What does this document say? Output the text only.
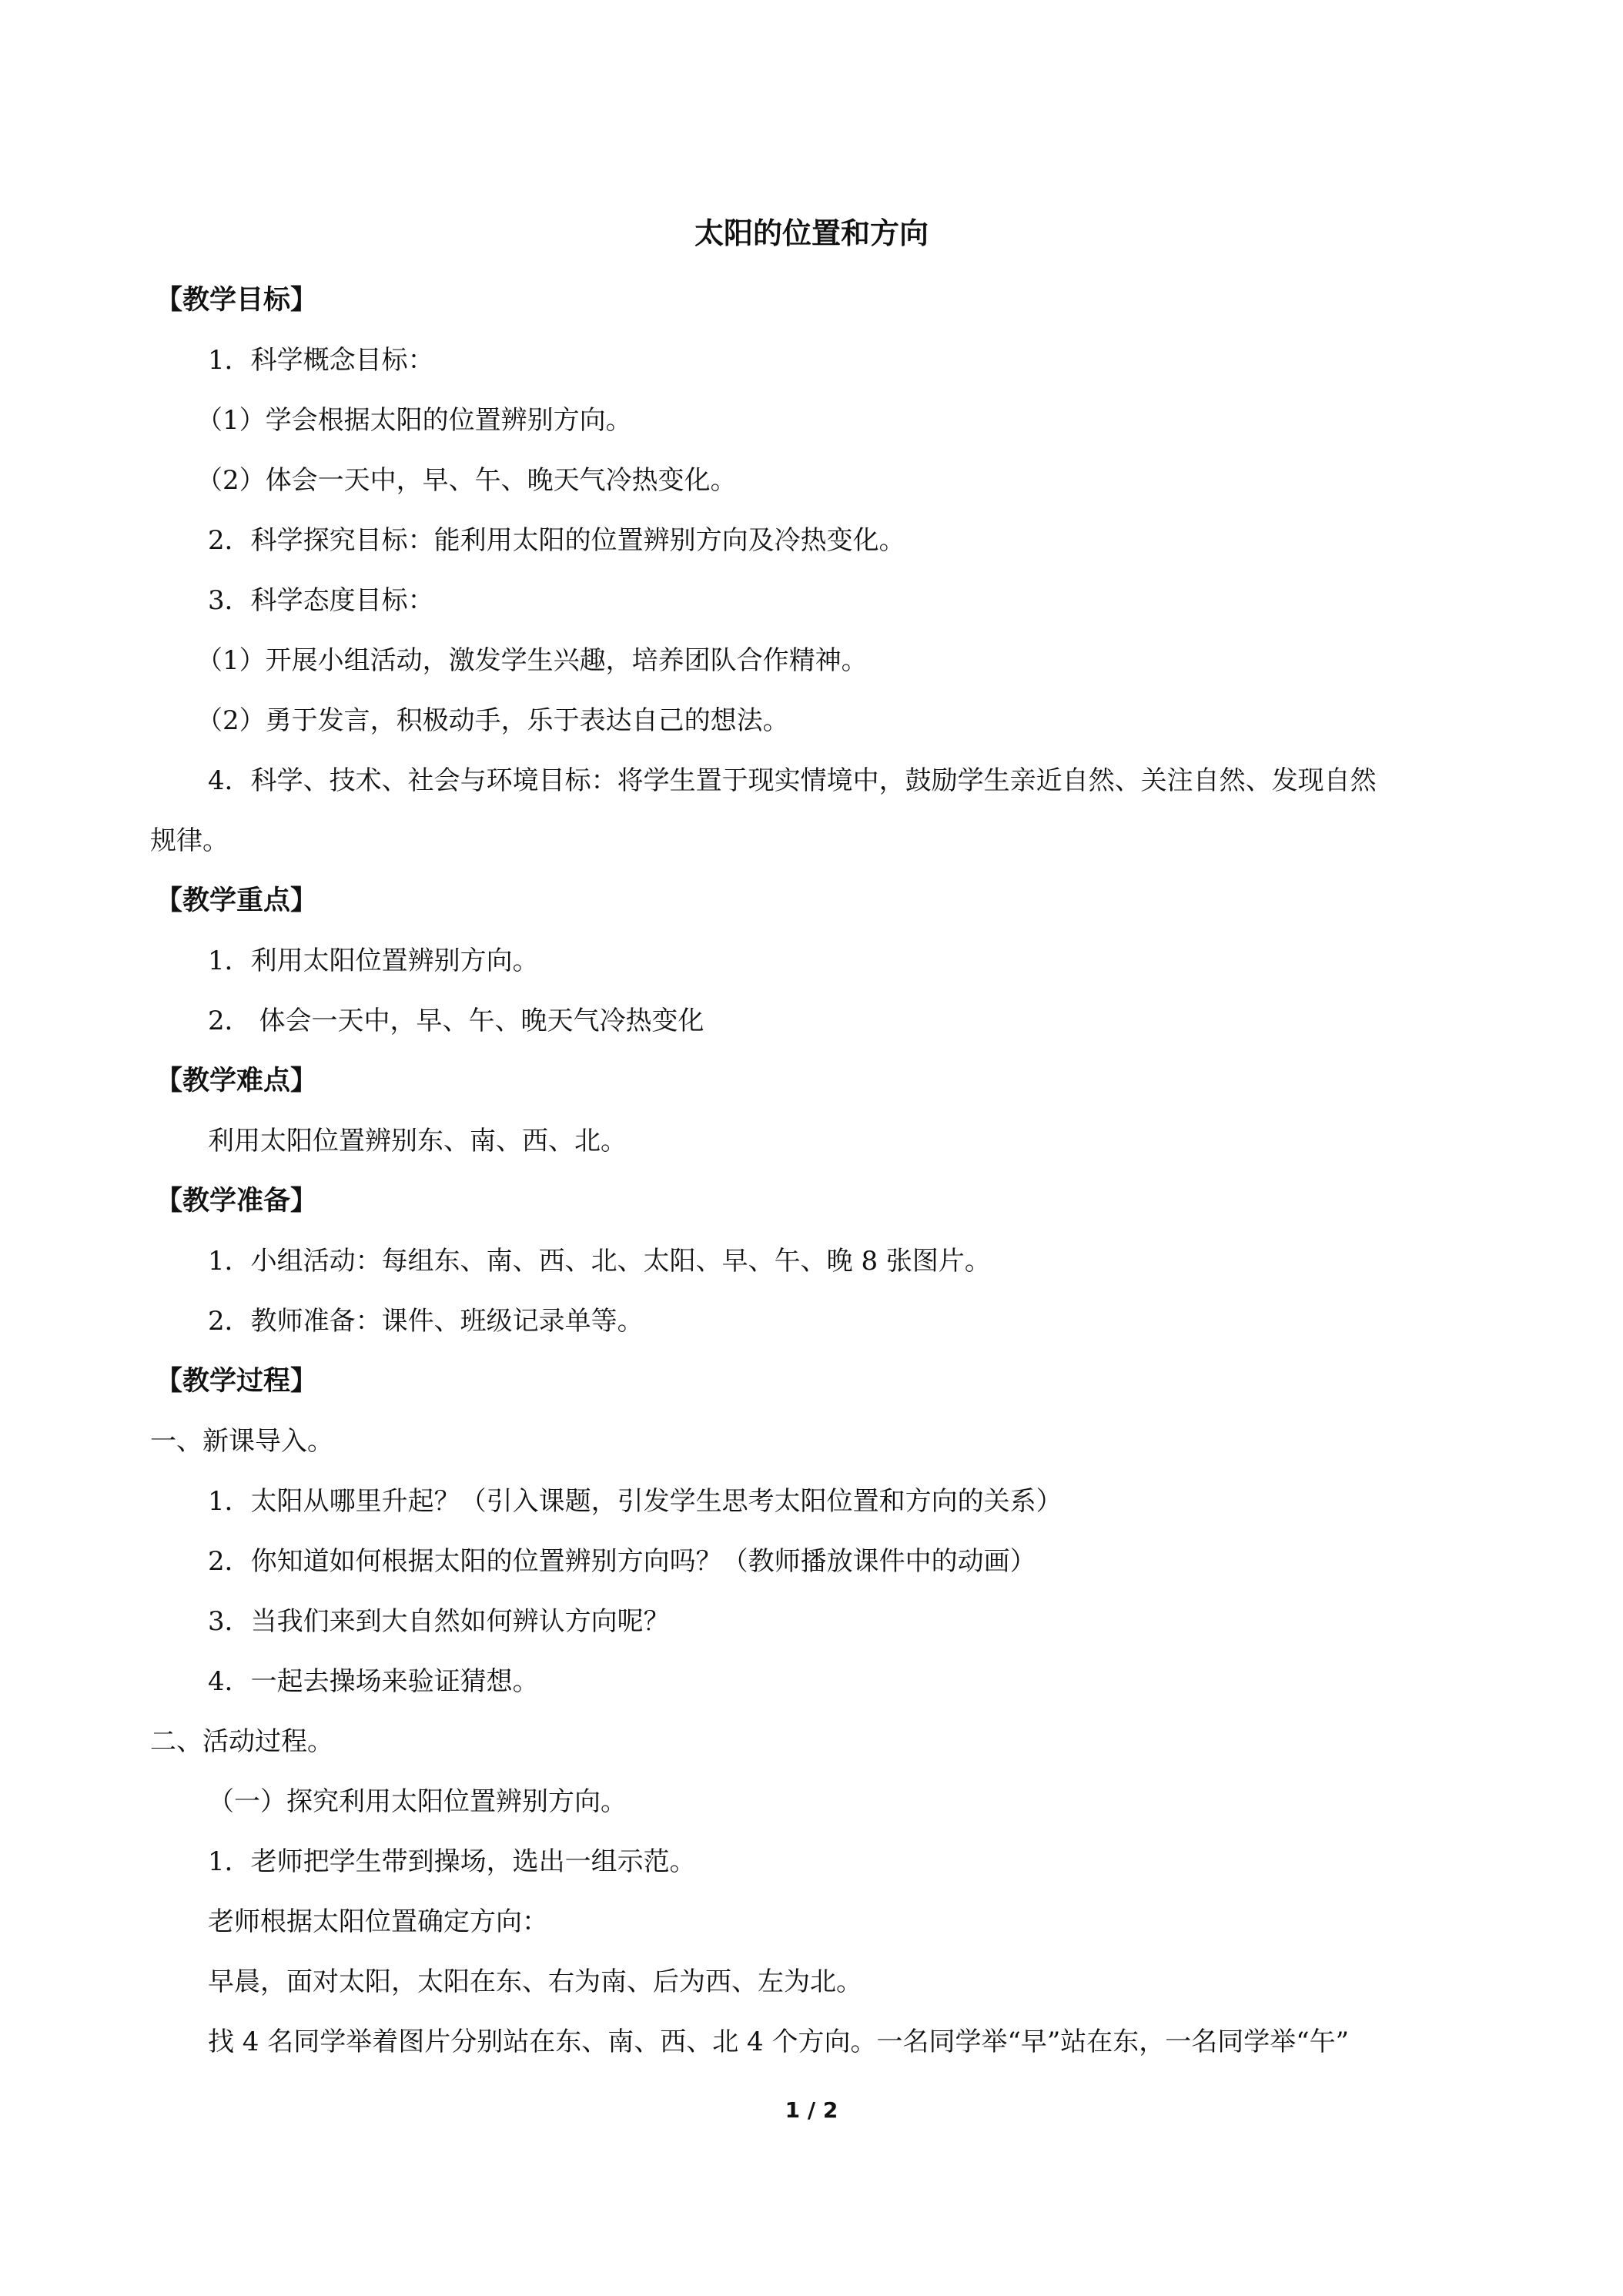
太阳的位置和方向
【教学目标】
1．科学概念目标：
（1）学会根据太阳的位置辨别方向。
（2）体会一天中，早、午、晚天气冷热变化。
2．科学探究目标：能利用太阳的位置辨别方向及冷热变化。
3．科学态度目标：
（1）开展小组活动，激发学生兴趣，培养团队合作精神。
（2）勇于发言，积极动手，乐于表达自己的想法。
4．科学、技术、社会与环境目标：将学生置于现实情境中，鼓励学生亲近自然、关注自然、发现自然
规律。
【教学重点】
1．利用太阳位置辨别方向。
2． 体会一天中，早、午、晚天气冷热变化
【教学难点】
利用太阳位置辨别东、南、西、北。
【教学准备】
1．小组活动：每组东、南、西、北、太阳、早、午、晚 8 张图片。
2．教师准备：课件、班级记录单等。
【教学过程】
一、新课导入。
1．太阳从哪里升起？（引入课题，引发学生思考太阳位置和方向的关系）
2．你知道如何根据太阳的位置辨别方向吗？（教师播放课件中的动画）
3．当我们来到大自然如何辨认方向呢？
4．一起去操场来验证猜想。
二、活动过程。
（一）探究利用太阳位置辨别方向。
1．老师把学生带到操场，选出一组示范。
老师根据太阳位置确定方向：
早晨，面对太阳，太阳在东、右为南、后为西、左为北。
找 4 名同学举着图片分别站在东、南、西、北 4 个方向。一名同学举“早”站在东，一名同学举“午”
1 / 2
